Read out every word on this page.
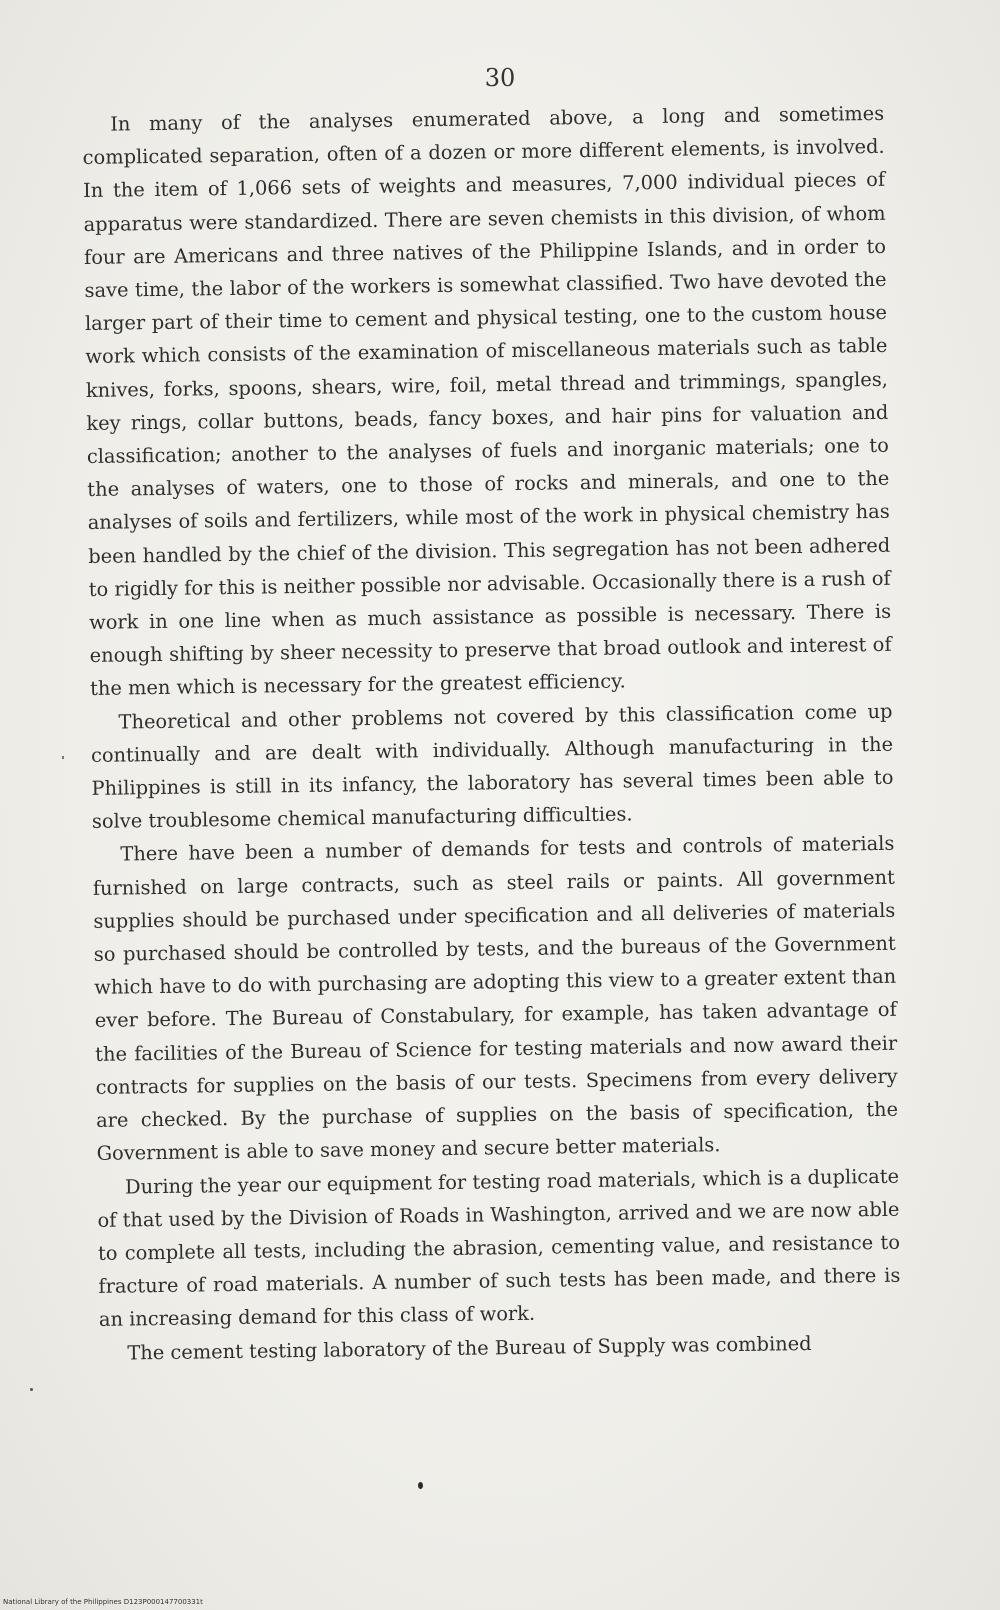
30

In many of the analyses enumerated above, a long and sometimes complicated separation, often of a dozen or more different elements, is involved. In the item of 1,066 sets of weights and measures, 7,000 individual pieces of apparatus were standardized. There are seven chemists in this division, of whom four are Americans and three natives of the Philippine Islands, and in order to save time, the labor of the workers is somewhat classified. Two have devoted the larger part of their time to cement and physical testing, one to the custom house work which consists of the examination of miscellaneous materials such as table knives, forks, spoons, shears, wire, foil, metal thread and trimmings, spangles, key rings, collar buttons, beads, fancy boxes, and hair pins for valuation and classification; another to the analyses of fuels and inorganic materials; one to the analyses of waters, one to those of rocks and minerals, and one to the analyses of soils and fertilizers, while most of the work in physical chemistry has been handled by the chief of the division. This segregation has not been adhered to rigidly for this is neither possible nor advisable. Occasionally there is a rush of work in one line when as much assistance as possible is necessary. There is enough shifting by sheer necessity to preserve that broad outlook and interest of the men which is necessary for the greatest efficiency.

Theoretical and other problems not covered by this classification come up continually and are dealt with individually. Although manufacturing in the Philippines is still in its infancy, the laboratory has several times been able to solve troublesome chemical manufacturing difficulties.

There have been a number of demands for tests and controls of materials furnished on large contracts, such as steel rails or paints. All government supplies should be purchased under specification and all deliveries of materials so purchased should be controlled by tests, and the bureaus of the Government which have to do with purchasing are adopting this view to a greater extent than ever before. The Bureau of Constabulary, for example, has taken advantage of the facilities of the Bureau of Science for testing materials and now award their contracts for supplies on the basis of our tests. Specimens from every delivery are checked. By the purchase of supplies on the basis of specification, the Government is able to save money and secure better materials.

During the year our equipment for testing road materials, which is a duplicate of that used by the Division of Roads in Washington, arrived and we are now able to complete all tests, including the abrasion, cementing value, and resistance to fracture of road materials. A number of such tests has been made, and there is an increasing demand for this class of work.

The cement testing laboratory of the Bureau of Supply was combined

National Library of the Philippines D123P000147700331t
